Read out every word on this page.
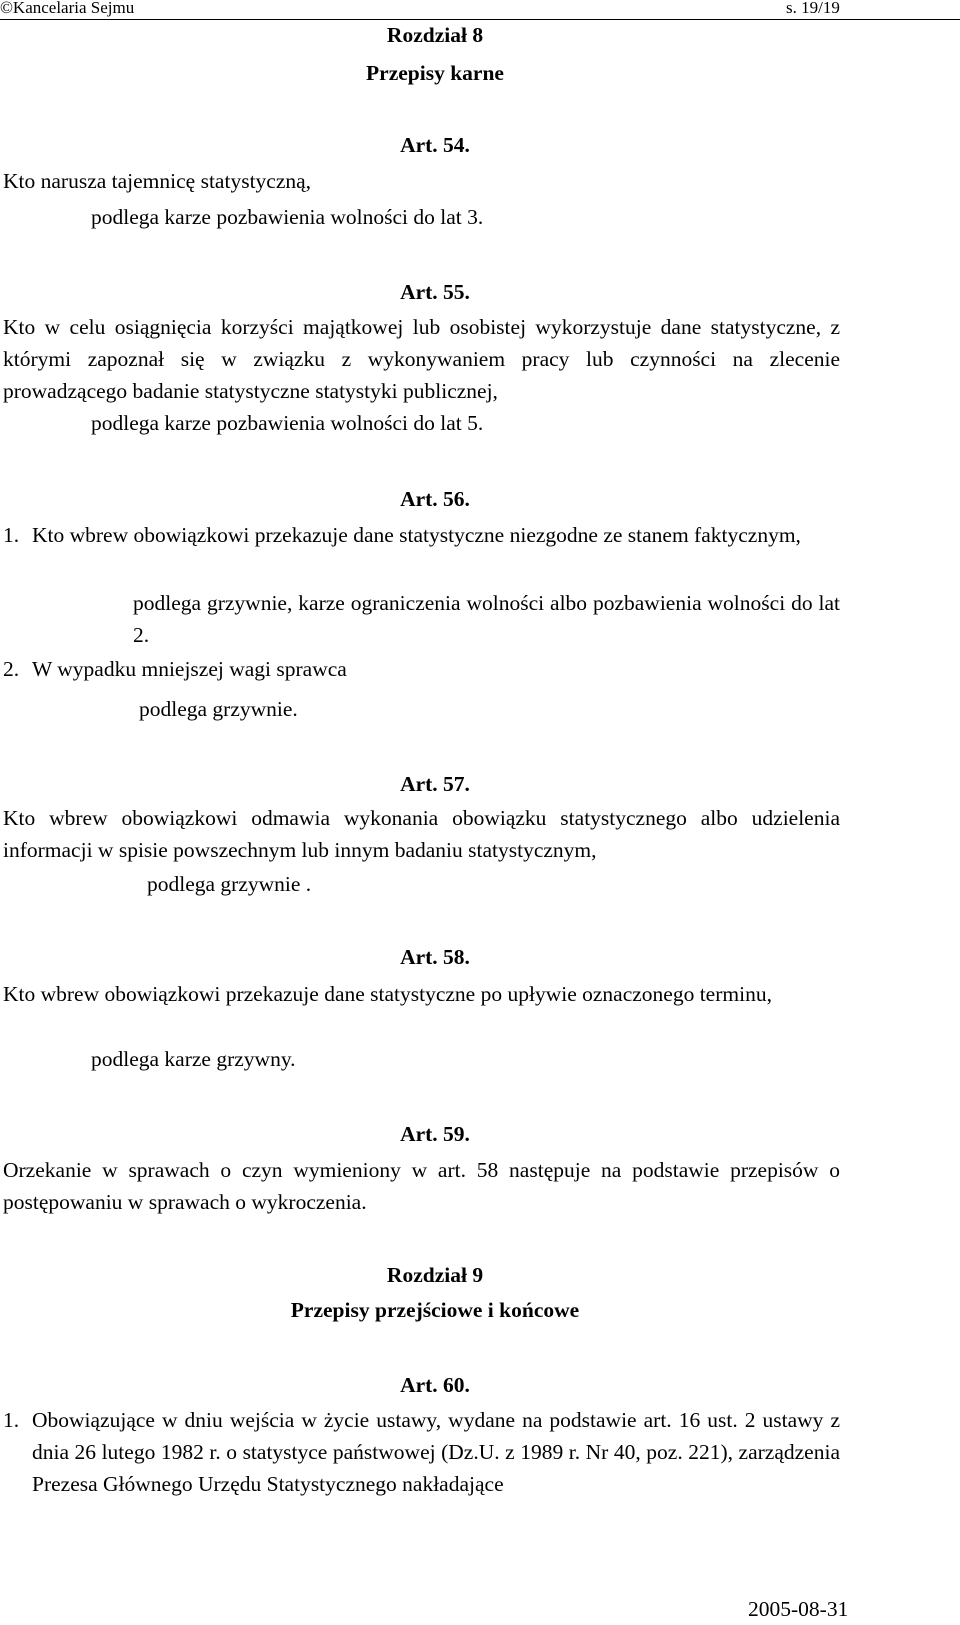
©Kancelaria Sejmu	s. 19/19
Rozdział 8
Przepisy karne
Art. 54.
Kto narusza tajemnicę statystyczną,
podlega karze pozbawienia wolności do lat 3.
Art. 55.
Kto w celu osiągnięcia korzyści majątkowej lub osobistej wykorzystuje dane statystyczne, z którymi zapoznał się w związku z wykonywaniem pracy lub czynności na zlecenie prowadzącego badanie statystyczne statystyki publicznej,
podlega karze pozbawienia wolności do lat 5.
Art. 56.
1. Kto wbrew obowiązkowi przekazuje dane statystyczne niezgodne ze stanem faktycznym,
podlega grzywnie, karze ograniczenia wolności albo pozbawienia wolności do lat 2.
2. W wypadku mniejszej wagi sprawca
podlega grzywnie.
Art. 57.
Kto wbrew obowiązkowi odmawia wykonania obowiązku statystycznego albo udzielenia informacji w spisie powszechnym lub innym badaniu statystycznym,
podlega grzywnie .
Art. 58.
Kto wbrew obowiązkowi przekazuje dane statystyczne po upływie oznaczonego terminu,
podlega karze grzywny.
Art. 59.
Orzekanie w sprawach o czyn wymieniony w art. 58 następuje na podstawie przepisów o postępowaniu w sprawach o wykroczenia.
Rozdział 9
Przepisy przejściowe i końcowe
Art. 60.
1. Obowiązujące w dniu wejścia w życie ustawy, wydane na podstawie art. 16 ust. 2 ustawy z dnia 26 lutego 1982 r. o statystyce państwowej (Dz.U. z 1989 r. Nr 40, poz. 221), zarządzenia Prezesa Głównego Urzędu Statystycznego nakładające
2005-08-31
